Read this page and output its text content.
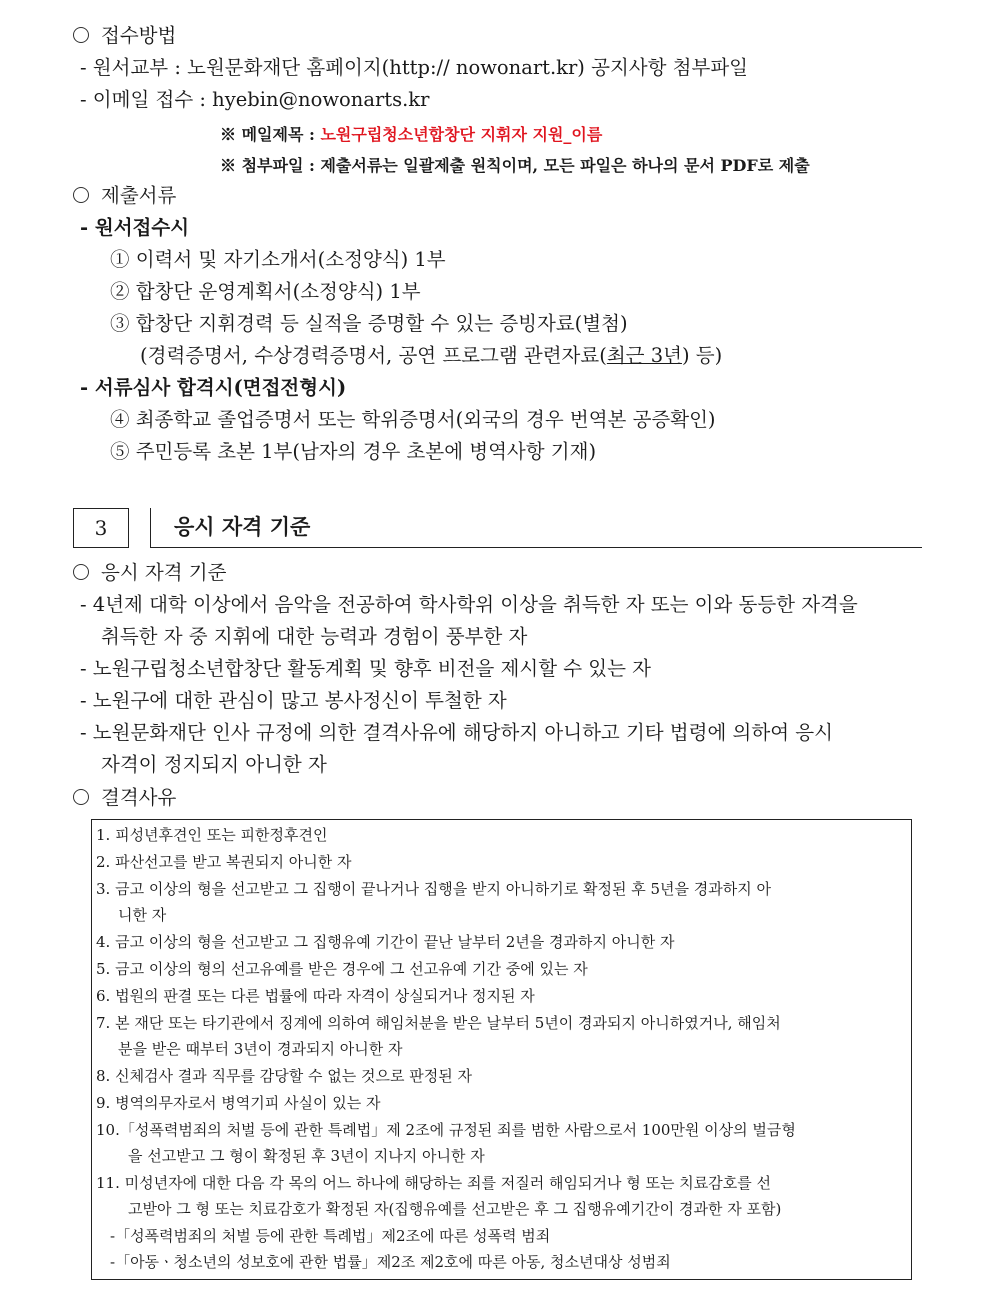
접수방법
- 원서교부 : 노원문화재단 홈페이지(http:// nowonart.kr) 공지사항 첨부파일
- 이메일 접수 : hyebin@nowonarts.kr
※ 메일제목 : 노원구립청소년합창단 지휘자 지원_이름
※ 첨부파일 : 제출서류는 일괄제출 원칙이며, 모든 파일은 하나의 문서 PDF로 제출
제출서류
- 원서접수시
① 이력서 및 자기소개서(소정양식) 1부
② 합창단 운영계획서(소정양식) 1부
③ 합창단 지휘경력 등 실적을 증명할 수 있는 증빙자료(별첨)
(경력증명서, 수상경력증명서, 공연 프로그램 관련자료(최근 3년) 등)
- 서류심사 합격시(면접전형시)
④ 최종학교 졸업증명서 또는 학위증명서(외국의 경우 번역본 공증확인)
⑤ 주민등록 초본 1부(남자의 경우 초본에 병역사항 기재)
3	응시 자격 기준
응시 자격 기준
- 4년제 대학 이상에서 음악을 전공하여 학사학위 이상을 취득한 자 또는 이와 동등한 자격을
취득한 자 중 지휘에 대한 능력과 경험이 풍부한 자
- 노원구립청소년합창단 활동계획 및 향후 비전을 제시할 수 있는 자
- 노원구에 대한 관심이 많고 봉사정신이 투철한 자
- 노원문화재단 인사 규정에 의한 결격사유에 해당하지 아니하고 기타 법령에 의하여 응시
자격이 정지되지 아니한 자
결격사유
1. 피성년후견인 또는 피한정후견인
2. 파산선고를 받고 복권되지 아니한 자
3. 금고 이상의 형을 선고받고 그 집행이 끝나거나 집행을 받지 아니하기로 확정된 후 5년을 경과하지 아
니한 자
4. 금고 이상의 형을 선고받고 그 집행유예 기간이 끝난 날부터 2년을 경과하지 아니한 자
5. 금고 이상의 형의 선고유예를 받은 경우에 그 선고유예 기간 중에 있는 자
6. 법원의 판결 또는 다른 법률에 따라 자격이 상실되거나 정지된 자
7. 본 재단 또는 타기관에서 징계에 의하여 해임처분을 받은 날부터 5년이 경과되지 아니하였거나, 해임처
분을 받은 때부터 3년이 경과되지 아니한 자
8. 신체검사 결과 직무를 감당할 수 없는 것으로 판정된 자
9. 병역의무자로서 병역기피 사실이 있는 자
10.「성폭력범죄의 처벌 등에 관한 특례법」제 2조에 규정된 죄를 범한 사람으로서 100만원 이상의 벌금형
을 선고받고 그 형이 확정된 후 3년이 지나지 아니한 자
11. 미성년자에 대한 다음 각 목의 어느 하나에 해당하는 죄를 저질러 해임되거나 형 또는 치료감호를 선
고받아 그 형 또는 치료감호가 확정된 자(집행유예를 선고받은 후 그 집행유예기간이 경과한 자 포함)
-「성폭력범죄의 처벌 등에 관한 특례법」제2조에 따른 성폭력 범죄
-「아동ㆍ청소년의 성보호에 관한 법률」제2조 제2호에 따른 아동, 청소년대상 성범죄
